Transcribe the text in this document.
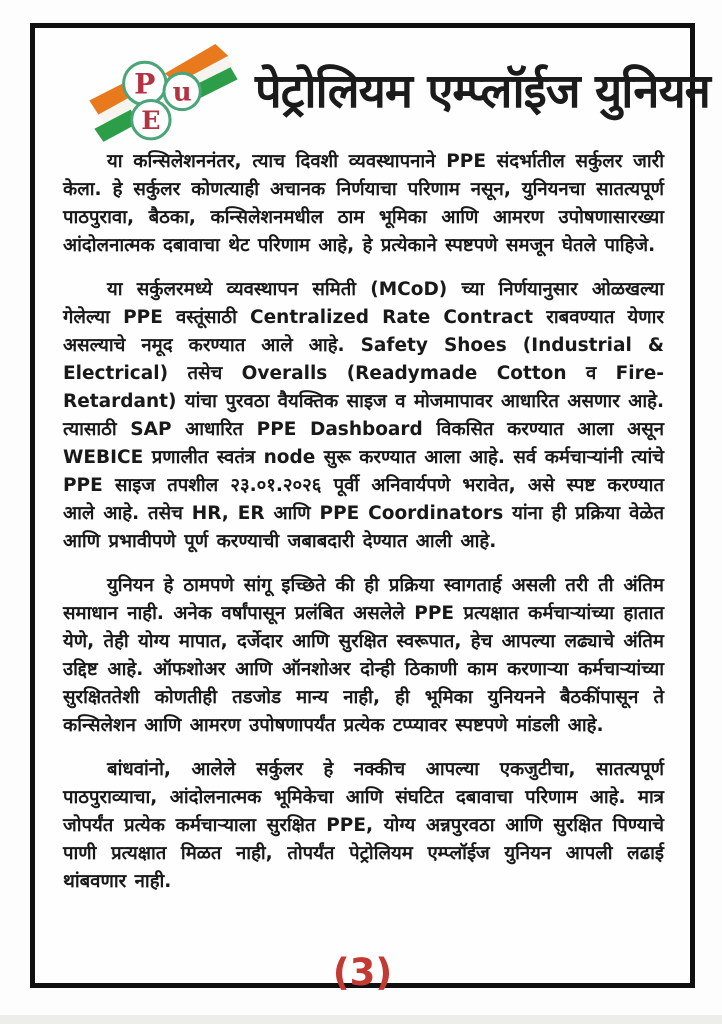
P u
E
पेट्रोलियम एम्प्लॉईज युनियन

या कन्सिलेशननंतर, त्याच दिवशी व्यवस्थापनाने PPE संदर्भातील सर्कुलर जारी केला. हे सर्कुलर कोणत्याही अचानक निर्णयाचा परिणाम नसून, युनियनचा सातत्यपूर्ण पाठपुरावा, बैठका, कन्सिलेशनमधील ठाम भूमिका आणि आमरण उपोषणासारख्या आंदोलनात्मक दबावाचा थेट परिणाम आहे, हे प्रत्येकाने स्पष्टपणे समजून घेतले पाहिजे.

या सर्कुलरमध्ये व्यवस्थापन समिती (MCoD) च्या निर्णयानुसार ओळखल्या गेलेल्या PPE वस्तूंसाठी Centralized Rate Contract राबवण्यात येणार असल्याचे नमूद करण्यात आले आहे. Safety Shoes (Industrial & Electrical) तसेच Overalls (Readymade Cotton व Fire-Retardant) यांचा पुरवठा वैयक्तिक साइज व मोजमापावर आधारित असणार आहे. त्यासाठी SAP आधारित PPE Dashboard विकसित करण्यात आला असून WEBICE प्रणालीत स्वतंत्र node सुरू करण्यात आला आहे. सर्व कर्मचाऱ्यांनी त्यांचे PPE साइज तपशील २३.०१.२०२६ पूर्वी अनिवार्यपणे भरावेत, असे स्पष्ट करण्यात आले आहे. तसेच HR, ER आणि PPE Coordinators यांना ही प्रक्रिया वेळेत आणि प्रभावीपणे पूर्ण करण्याची जबाबदारी देण्यात आली आहे.

युनियन हे ठामपणे सांगू इच्छिते की ही प्रक्रिया स्वागतार्ह असली तरी ती अंतिम समाधान नाही. अनेक वर्षांपासून प्रलंबित असलेले PPE प्रत्यक्षात कर्मचाऱ्यांच्या हातात येणे, तेही योग्य मापात, दर्जेदार आणि सुरक्षित स्वरूपात, हेच आपल्या लढ्याचे अंतिम उद्दिष्ट आहे. ऑफशोअर आणि ऑनशोअर दोन्ही ठिकाणी काम करणाऱ्या कर्मचाऱ्यांच्या सुरक्षिततेशी कोणतीही तडजोड मान्य नाही, ही भूमिका युनियनने बैठकींपासून ते कन्सिलेशन आणि आमरण उपोषणापर्यंत प्रत्येक टप्प्यावर स्पष्टपणे मांडली आहे.

बांधवांनो, आलेले सर्कुलर हे नक्कीच आपल्या एकजुटीचा, सातत्यपूर्ण पाठपुराव्याचा, आंदोलनात्मक भूमिकेचा आणि संघटित दबावाचा परिणाम आहे. मात्र जोपर्यंत प्रत्येक कर्मचाऱ्याला सुरक्षित PPE, योग्य अन्नपुरवठा आणि सुरक्षित पिण्याचे पाणी प्रत्यक्षात मिळत नाही, तोपर्यंत पेट्रोलियम एम्प्लॉईज युनियन आपली लढाई थांबवणार नाही.

(3)
